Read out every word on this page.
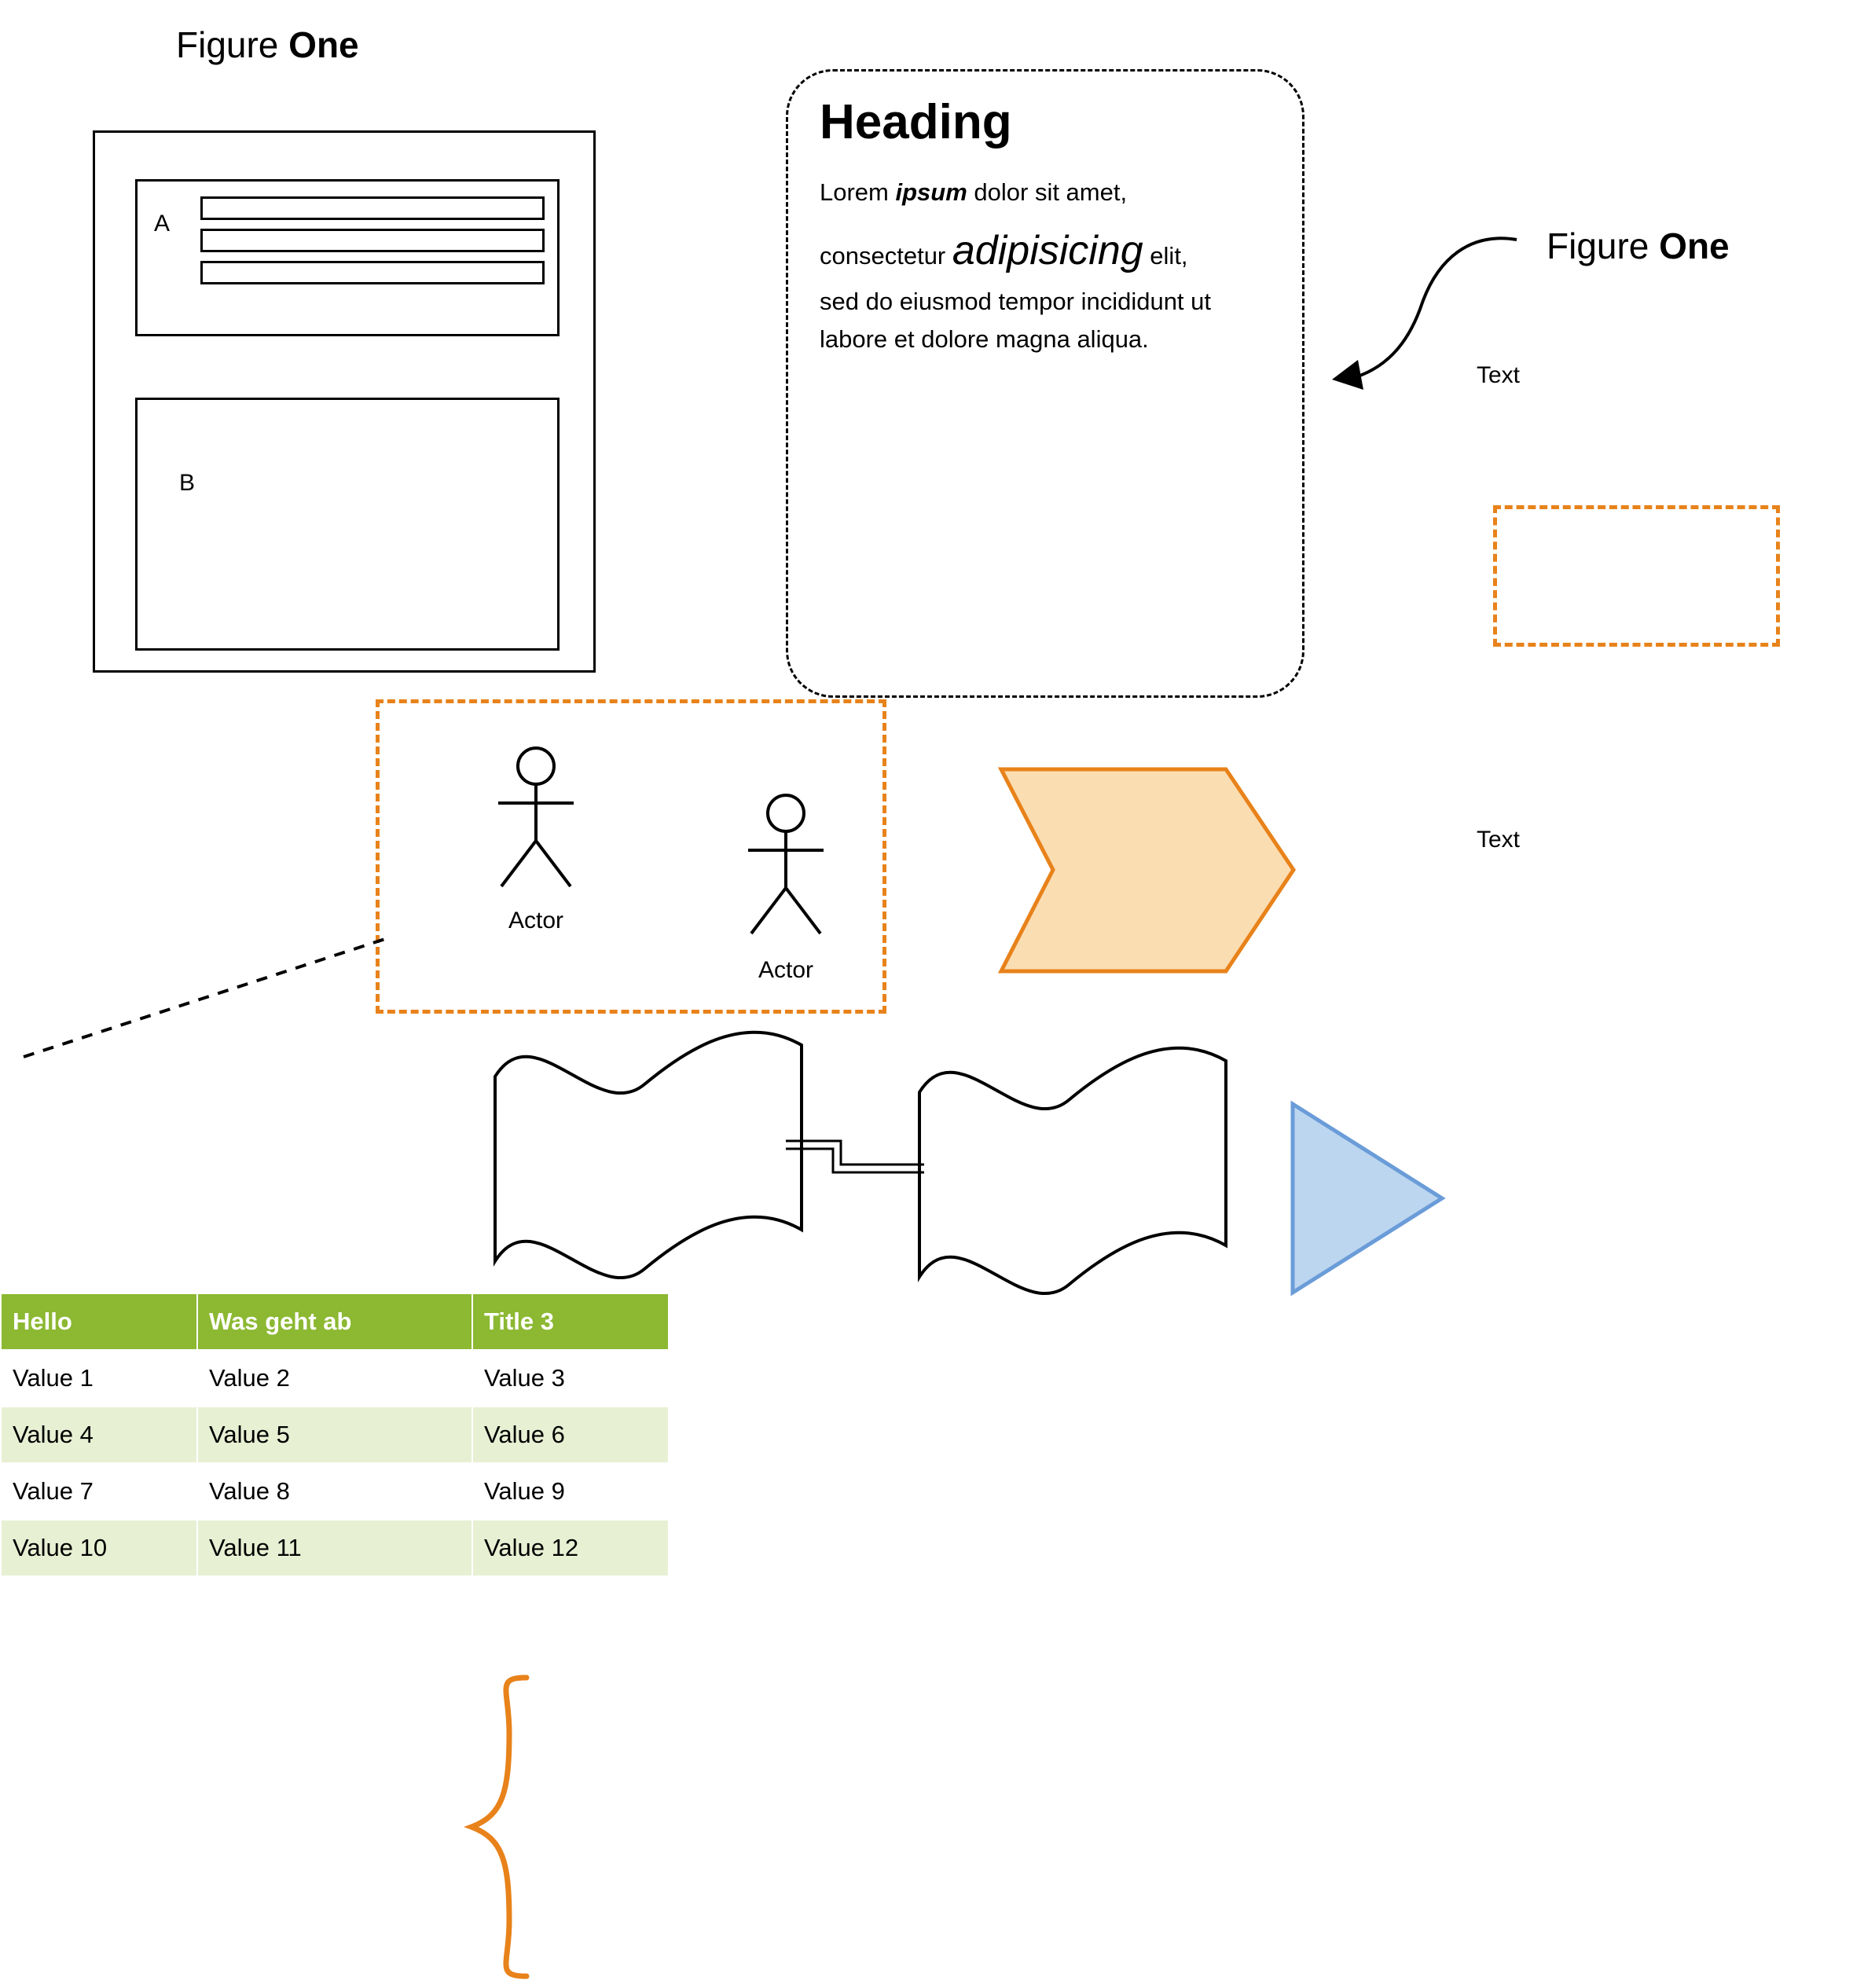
Figure One
Figure One
A
B
Heading
Lorem ipsum dolor sit amet,
consectetur adipisicing elit,
sed do eiusmod tempor incididunt ut
labore et dolore magna aliqua.
Text
Text
Actor
Actor
Hello	Was geht ab	Title 3
Value 1	Value 2	Value 3
Value 4	Value 5	Value 6
Value 7	Value 8	Value 9
Value 10	Value 11	Value 12
